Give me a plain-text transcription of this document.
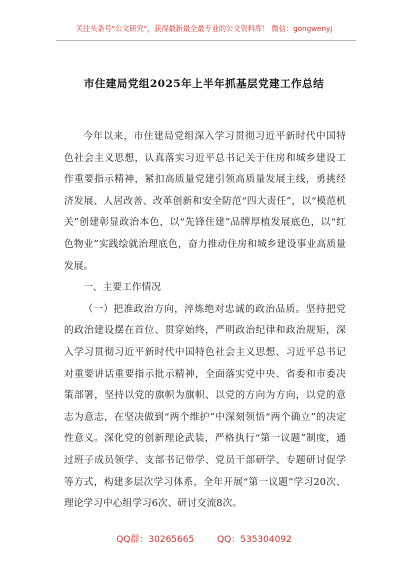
关注头条号"公文研究"，获得最新最全最专业的公文资料库！ 微信：gongwenyj
市住建局党组2025年上半年抓基层党建工作总结

今年以来，市住建局党组深入学习贯彻习近平新时代中国特色社会主义思想，认真落实习近平总书记关于住房和城乡建设工作重要指示精神，紧扣高质量党建引领高质量发展主线，勇挑经济发展、人居改善、改革创新和安全防范“四大责任”，以“模范机关”创建彰显政治本色，以“先锋住建”品牌厚植发展底色，以“红色物业”实践绘就治理底色，奋力推动住房和城乡建设事业高质量发展。

一、主要工作情况

（一）把准政治方向，淬炼绝对忠诚的政治品质。坚持把党的政治建设摆在首位、贯穿始终，严明政治纪律和政治规矩，深入学习贯彻习近平新时代中国特色社会主义思想、习近平总书记对重要讲话重要指示批示精神，全面落实党中央、省委和市委决策部署，坚持以党的旗帜为旗帜、以党的方向为方向，以党的意志为意志，在坚决做到“两个维护”中深刻领悟“两个确立”的决定性意义。深化党的创新理论武装，严格执行“第一议题”制度，通过班子成员领学、支部书记带学、党员干部研学、专题研讨促学等方式，构建多层次学习体系，全年开展“第一议题”学习20次、理论学习中心组学习6次、研讨交流8次。

QQ群：30265665	QQ：535304092
